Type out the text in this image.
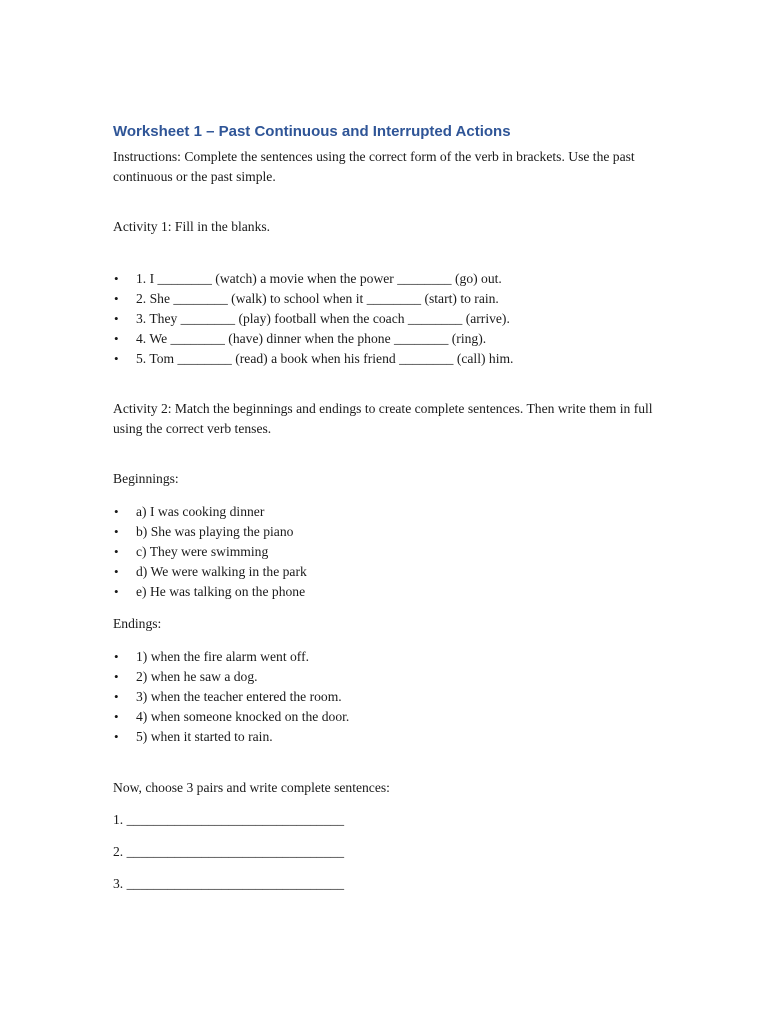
Worksheet 1 – Past Continuous and Interrupted Actions

Instructions: Complete the sentences using the correct form of the verb in brackets. Use the past continuous or the past simple.

Activity 1: Fill in the blanks.

• 1. I ________ (watch) a movie when the power ________ (go) out.
• 2. She ________ (walk) to school when it ________ (start) to rain.
• 3. They ________ (play) football when the coach ________ (arrive).
• 4. We ________ (have) dinner when the phone ________ (ring).
• 5. Tom ________ (read) a book when his friend ________ (call) him.

Activity 2: Match the beginnings and endings to create complete sentences. Then write them in full using the correct verb tenses.

Beginnings:

• a) I was cooking dinner
• b) She was playing the piano
• c) They were swimming
• d) We were walking in the park
• e) He was talking on the phone

Endings:

• 1) when the fire alarm went off.
• 2) when he saw a dog.
• 3) when the teacher entered the room.
• 4) when someone knocked on the door.
• 5) when it started to rain.

Now, choose 3 pairs and write complete sentences:

1. ________________________________

2. ________________________________

3. ________________________________
